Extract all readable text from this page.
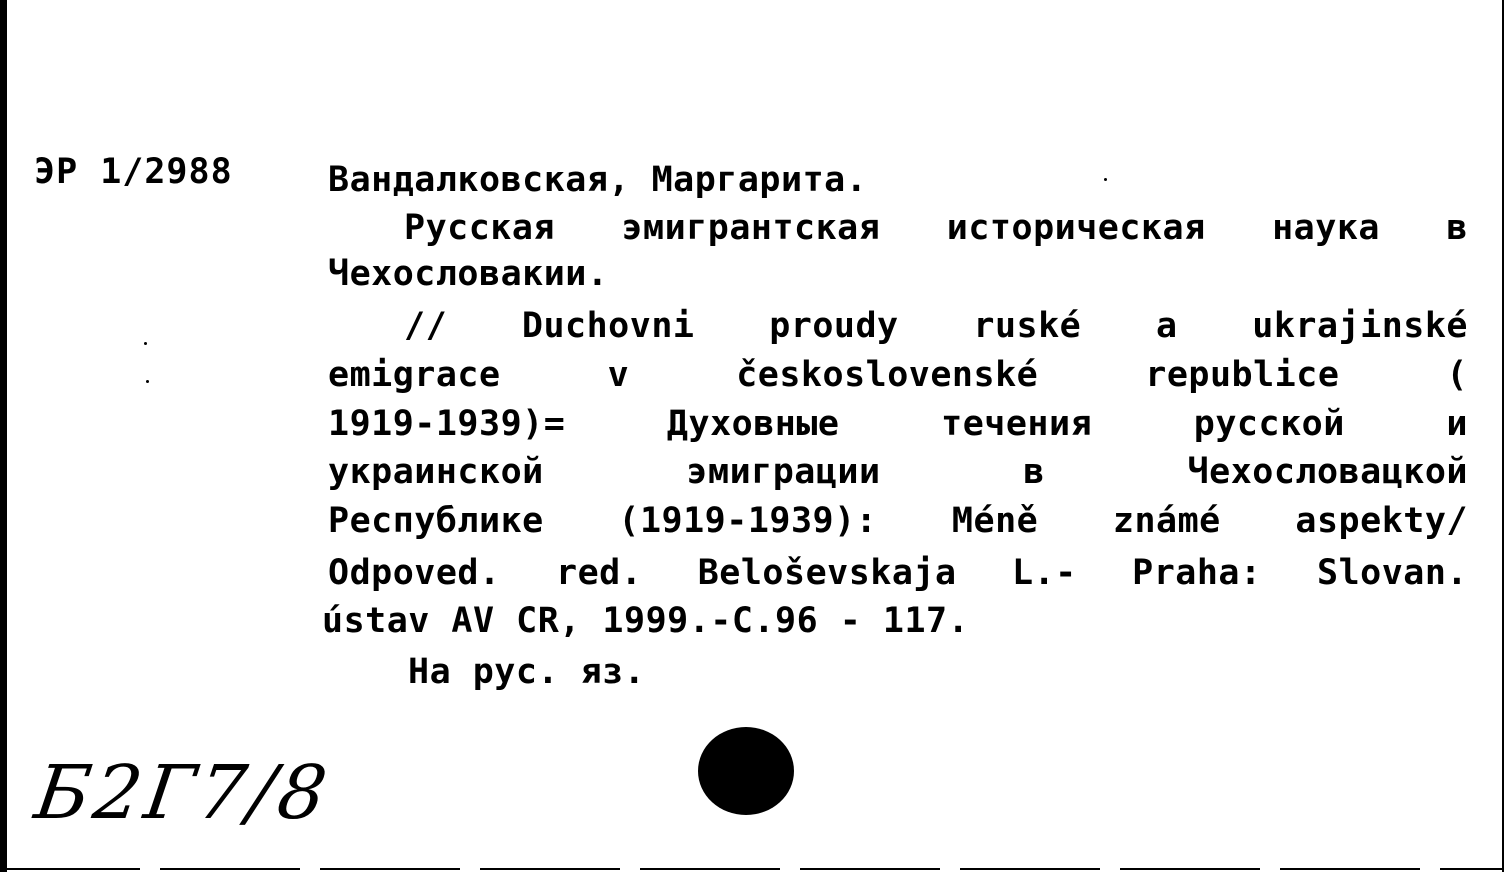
ЭР 1/2988	Вандалковская, Маргарита.
Русская эмигрантская историческая наука в
Чехословакии.
// Duchovni proudy ruské a ukrajinské
emigrace v československé republice (
1919-1939)= Духовные течения русской и
украинской эмиграции в Чехословацкой
Республике (1919-1939): Méně známé aspekty/
Odpoved. red. Beloševskaja L.- Praha: Slovan.
ústav AV CR, 1999.-C.96 - 117.
На рус. яз.
Б2Г7/8
